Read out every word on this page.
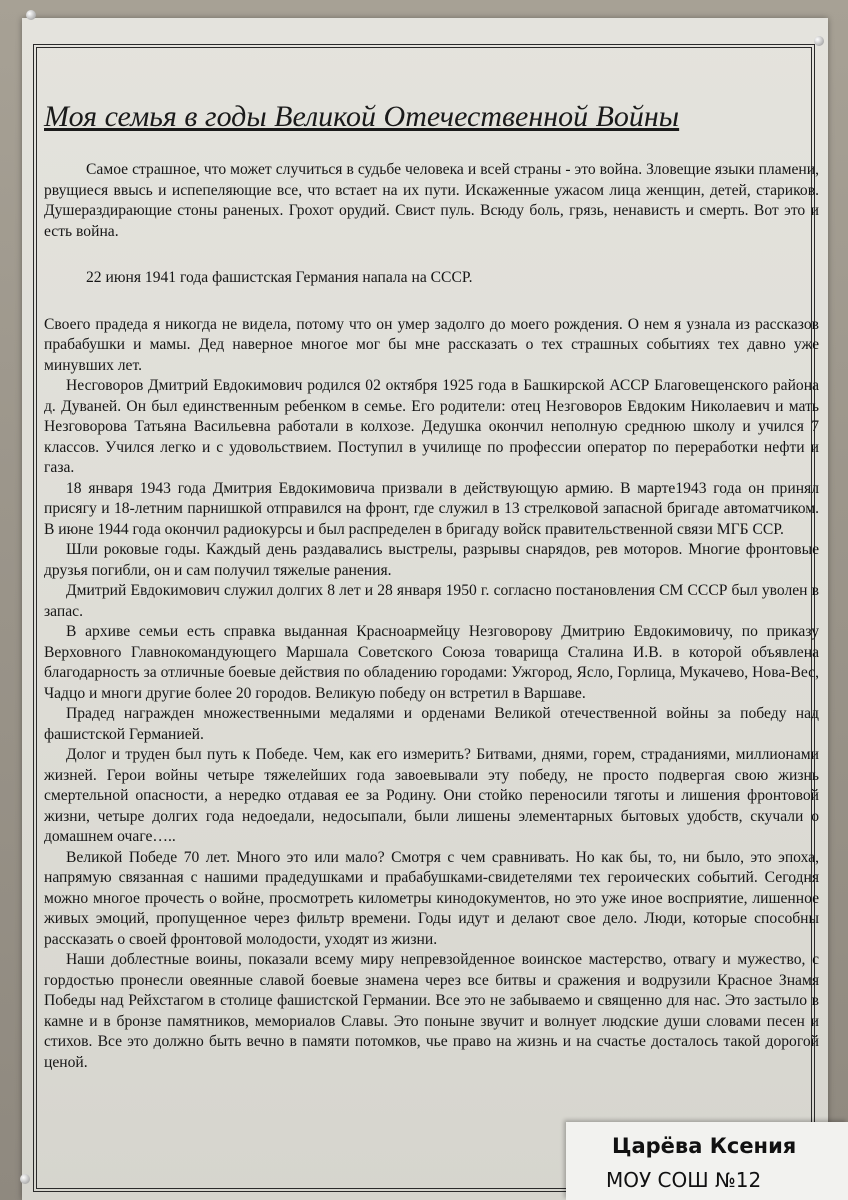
Моя семья в годы Великой Отечественной Войны

Самое страшное, что может случиться в судьбе человека и всей страны - это война. Зловещие языки пламени, рвущиеся ввысь и испепеляющие все, что встает на их пути. Искаженные ужасом лица женщин, детей, стариков. Душераздирающие стоны раненых. Грохот орудий. Свист пуль. Всюду боль, грязь, ненависть и смерть. Вот это и есть война.

22 июня 1941 года фашистская Германия напала на СССР.

Своего прадеда я никогда не видела, потому что он умер задолго до моего рождения. О нем я узнала из рассказов прабабушки и мамы. Дед наверное многое мог бы мне рассказать о тех страшных событиях тех давно уже минувших лет.

Несговоров Дмитрий Евдокимович родился 02 октября 1925 года в Башкирской АССР Благовещенского района д. Дуваней. Он был единственным ребенком в семье. Его родители: отец Незговоров Евдоким Николаевич и мать Незговорова Татьяна Васильевна работали в колхозе. Дедушка окончил неполную среднюю школу и учился 7 классов. Учился легко и с удовольствием. Поступил в училище по профессии оператор по переработки нефти и газа.

18 января 1943 года Дмитрия Евдокимовича призвали в действующую армию. В марте1943 года он принял присягу и 18-летним парнишкой отправился на фронт, где служил в 13 стрелковой запасной бригаде автоматчиком. В июне 1944 года окончил радиокурсы и был распределен в бригаду войск правительственной связи МГБ ССР.

Шли роковые годы. Каждый день раздавались выстрелы, разрывы снарядов, рев моторов. Многие фронтовые друзья погибли, он и сам получил тяжелые ранения.

Дмитрий Евдокимович служил долгих 8 лет и 28 января 1950 г. согласно постановления СМ СССР был уволен в запас.

В архиве семьи есть справка выданная Красноармейцу Незговорову Дмитрию Евдокимовичу, по приказу Верховного Главнокомандующего Маршала Советского Союза товарища Сталина И.В. в которой объявлена благодарность за отличные боевые действия по обладению городами: Ужгород, Ясло, Горлица, Мукачево, Нова-Вес, Чадцо и многи другие более 20 городов. Великую победу он встретил в Варшаве.

Прадед награжден множественными медалями и орденами Великой отечественной войны за победу над фашистской Германией.

Долог и труден был путь к Победе. Чем, как его измерить? Битвами, днями, горем, страданиями, миллионами жизней. Герои войны четыре тяжелейших года завоевывали эту победу, не просто подвергая свою жизнь смертельной опасности, а нередко отдавая ее за Родину. Они стойко переносили тяготы и лишения фронтовой жизни, четыре долгих года недоедали, недосыпали, были лишены элементарных бытовых удобств, скучали о домашнем очаге…..

Великой Победе 70 лет. Много это или мало? Смотря с чем сравнивать. Но как бы, то, ни было, это эпоха, напрямую связанная с нашими прадедушками и прабабушками-свидетелями тех героических событий. Сегодня можно многое прочесть о войне, просмотреть километры кинодокументов, но это уже иное восприятие, лишенное живых эмоций, пропущенное через фильтр времени. Годы идут и делают свое дело. Люди, которые способны рассказать о своей фронтовой молодости, уходят из жизни.

Наши доблестные воины, показали всему миру непревзойденное воинское мастерство, отвагу и мужество, с гордостью пронесли овеянные славой боевые знамена через все битвы и сражения и водрузили Красное Знамя Победы над Рейхстагом в столице фашистской Германии. Все это не забываемо и священно для нас. Это застыло в камне и в бронзе памятников, мемориалов Славы. Это поныне звучит и волнует людские души словами песен и стихов. Все это должно быть вечно в памяти потомков, чье право на жизнь и на счастье досталось такой дорогой ценой.

Царёва Ксения
МОУ СОШ №12
